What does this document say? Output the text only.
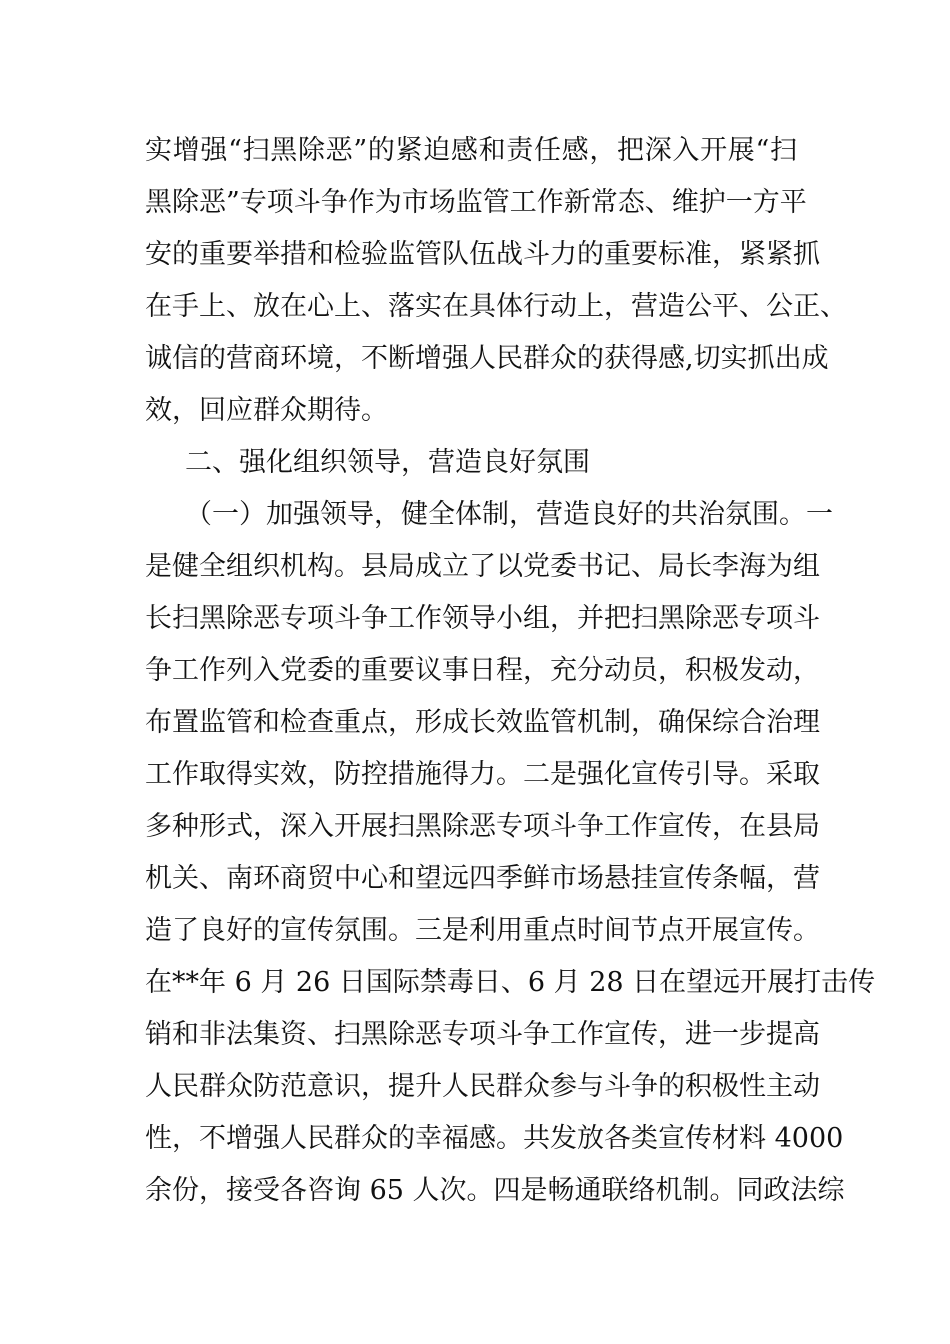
实增强“扫黑除恶”的紧迫感和责任感，把深入开展“扫
黑除恶”专项斗争作为市场监管工作新常态、维护一方平
安的重要举措和检验监管队伍战斗力的重要标准，紧紧抓
在手上、放在心上、落实在具体行动上，营造公平、公正、
诚信的营商环境，不断增强人民群众的获得感,切实抓出成
效，回应群众期待。
二、强化组织领导，营造良好氛围
（一）加强领导，健全体制，营造良好的共治氛围。一
是健全组织机构。县局成立了以党委书记、局长李海为组
长扫黑除恶专项斗争工作领导小组，并把扫黑除恶专项斗
争工作列入党委的重要议事日程，充分动员，积极发动，
布置监管和检查重点，形成长效监管机制，确保综合治理
工作取得实效，防控措施得力。二是强化宣传引导。采取
多种形式，深入开展扫黑除恶专项斗争工作宣传，在县局
机关、南环商贸中心和望远四季鲜市场悬挂宣传条幅，营
造了良好的宣传氛围。三是利用重点时间节点开展宣传。
在**年 6 月 26 日国际禁毒日、6 月 28 日在望远开展打击传
销和非法集资、扫黑除恶专项斗争工作宣传，进一步提高
人民群众防范意识，提升人民群众参与斗争的积极性主动
性，不增强人民群众的幸福感。共发放各类宣传材料 4000
余份，接受各咨询 65 人次。四是畅通联络机制。同政法综
